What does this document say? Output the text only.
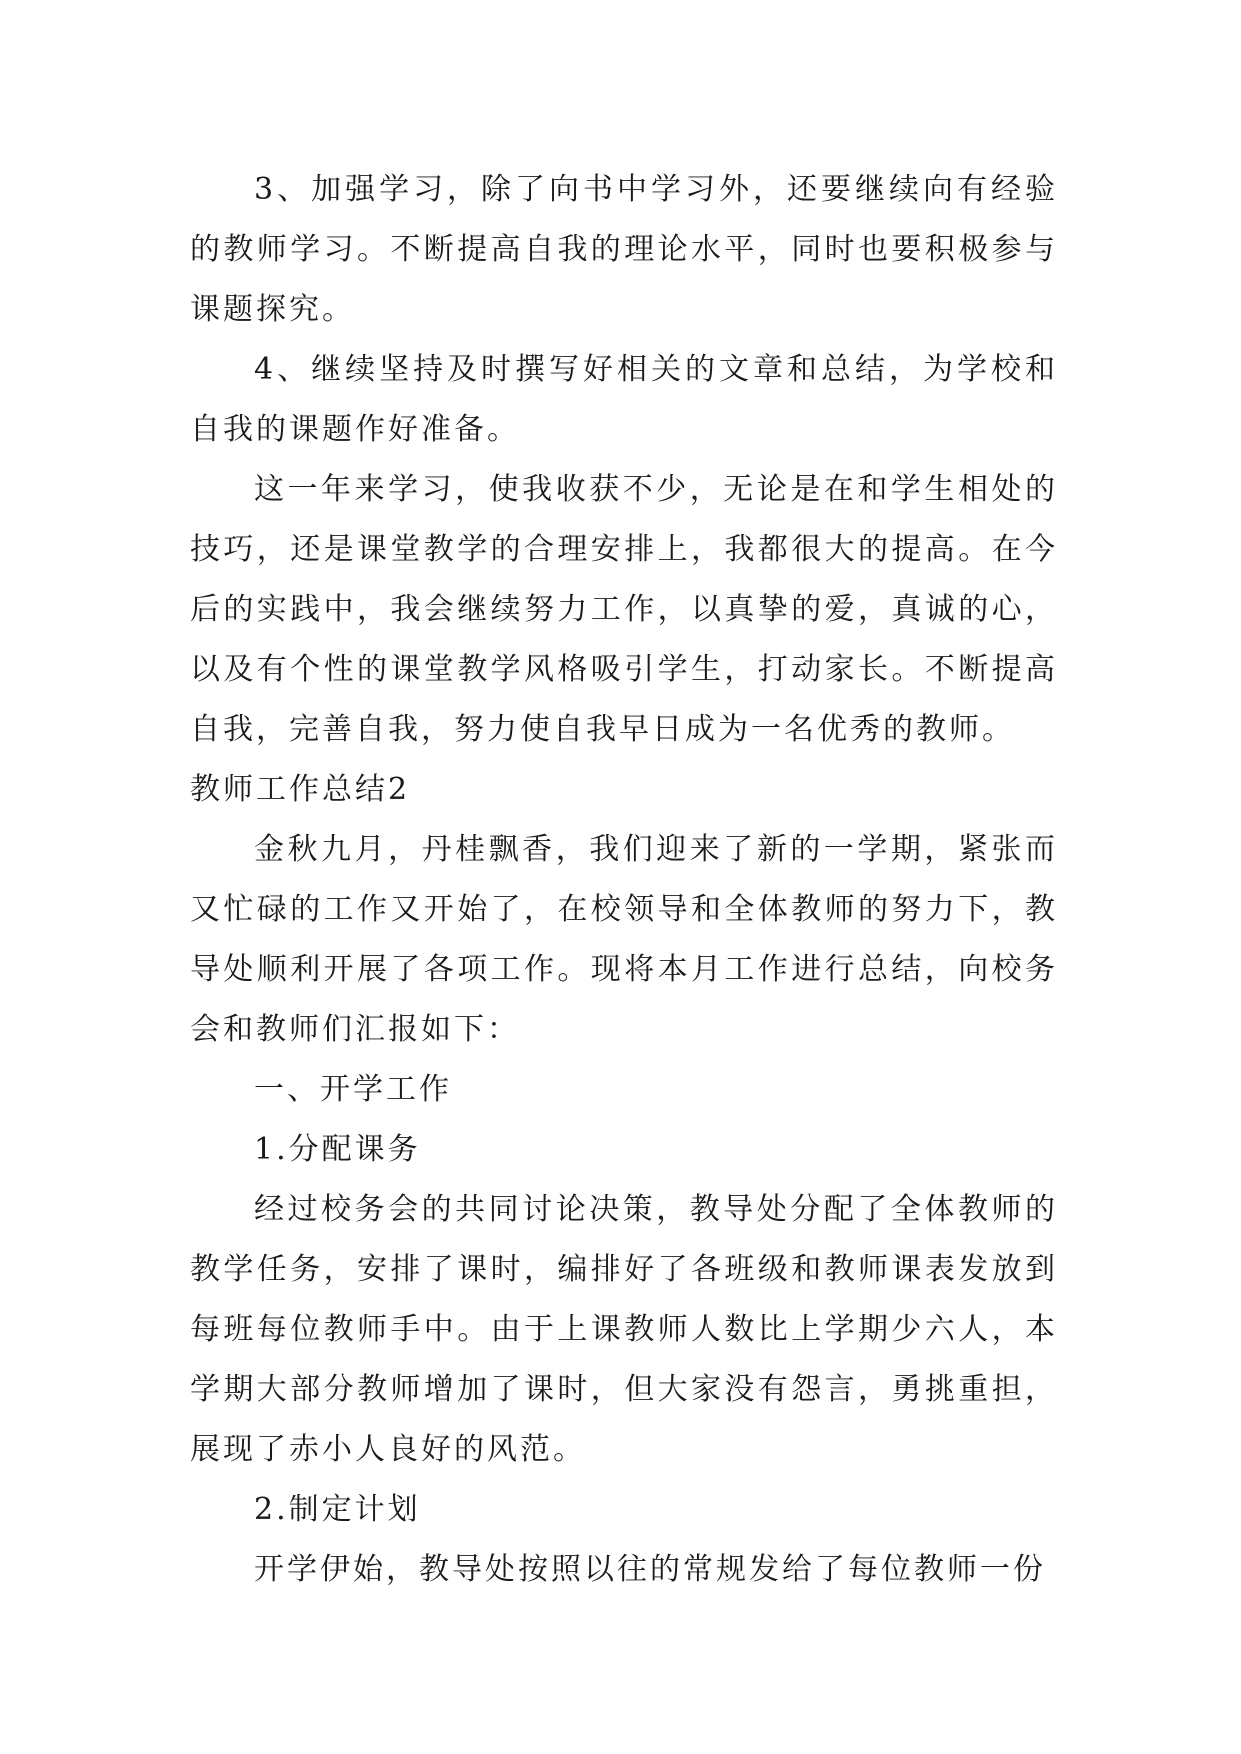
3、加强学习，除了向书中学习外，还要继续向有经验的教师学习。不断提高自我的理论水平，同时也要积极参与课题探究。

4、继续坚持及时撰写好相关的文章和总结，为学校和自我的课题作好准备。

这一年来学习，使我收获不少，无论是在和学生相处的技巧，还是课堂教学的合理安排上，我都很大的提高。在今后的实践中，我会继续努力工作，以真挚的爱，真诚的心，以及有个性的课堂教学风格吸引学生，打动家长。不断提高自我，完善自我，努力使自我早日成为一名优秀的教师。

教师工作总结2

金秋九月，丹桂飘香，我们迎来了新的一学期，紧张而又忙碌的工作又开始了，在校领导和全体教师的努力下，教导处顺利开展了各项工作。现将本月工作进行总结，向校务会和教师们汇报如下：

一、开学工作

1.分配课务

经过校务会的共同讨论决策，教导处分配了全体教师的教学任务，安排了课时，编排好了各班级和教师课表发放到每班每位教师手中。由于上课教师人数比上学期少六人，本学期大部分教师增加了课时，但大家没有怨言，勇挑重担，展现了赤小人良好的风范。

2.制定计划

开学伊始，教导处按照以往的常规发给了每位教师一份
